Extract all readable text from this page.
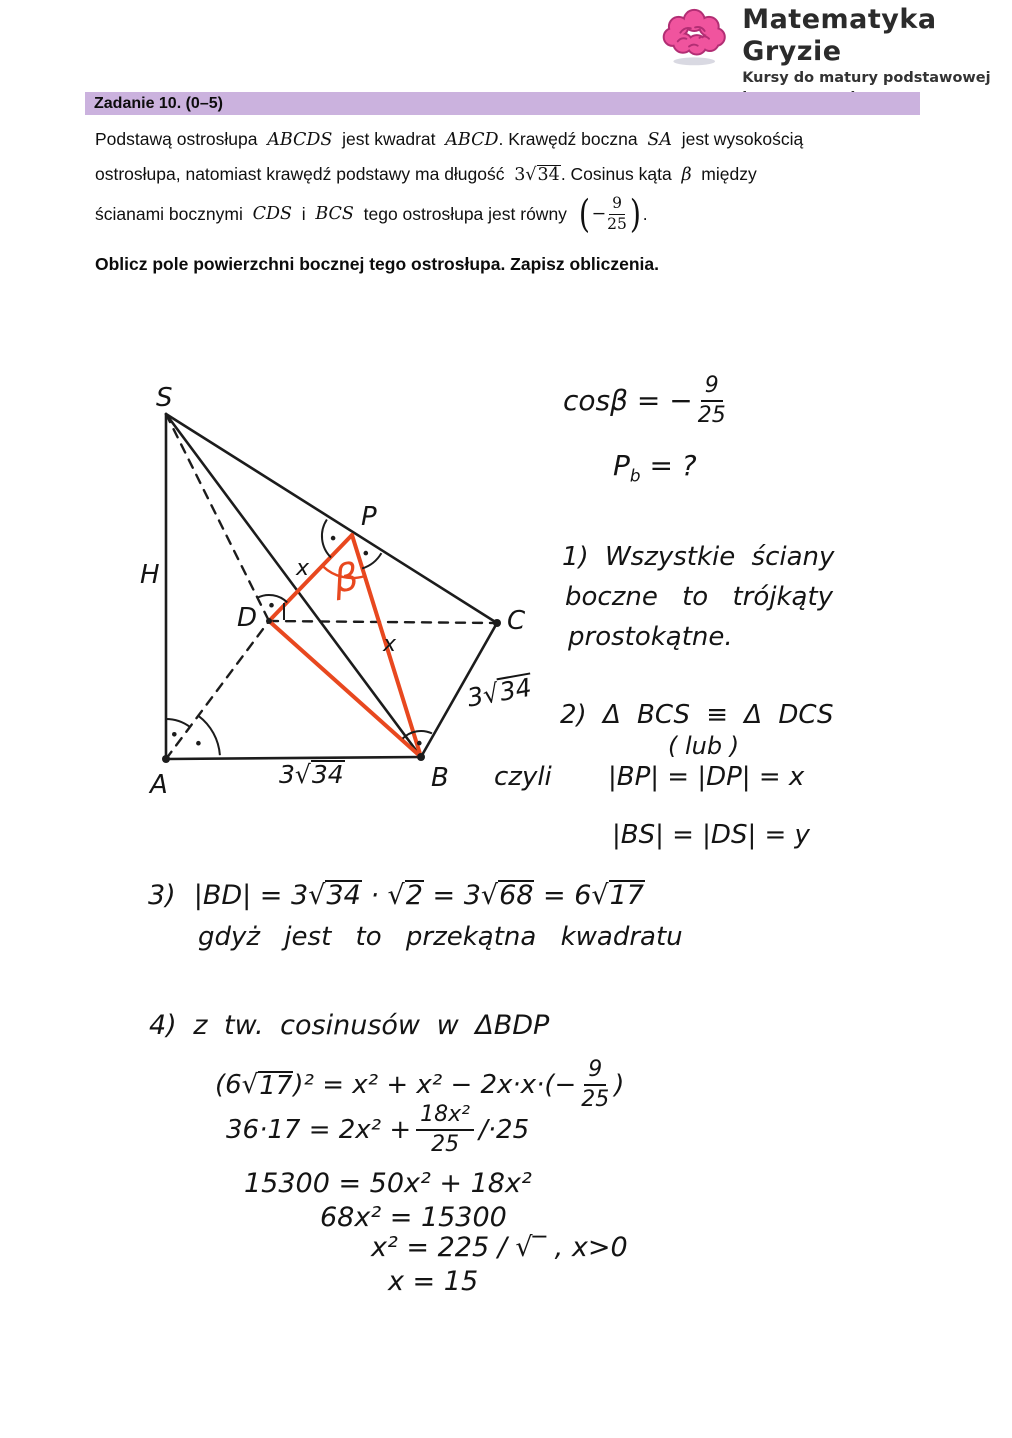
Matematyka Gryzie
Kursy do matury podstawowej
Zadanie 10. (0–5)
Podstawą ostrosłupa  ABCDS  jest kwadrat  ABCD. Krawędź boczna  SA  jest wysokością
ostrosłupa, natomiast krawędź podstawy ma długość  3√34. Cosinus kąta  β  między
ścianami bocznymi CDS i BCS tego ostrosłupa jest równy ( − $\frac{9}{25}$ ) .
Oblicz pole powierzchni bocznej tego ostrosłupa. Zapisz obliczenia.
S
H
A	B
C
D
P
x
x
β
3√34
3√34
cosβ = − $\frac{9}{25}$
$P_b$ = ?
1) Wszystkie ściany
boczne to trójkąty
prostokątne.
2) Δ BCS ≡ Δ DCS
( lub )
czyli |BP| = |DP| = x
|BS| = |DS| = y
3) |BD| = 3√34 · √2 = 3√68 = 6√17
gdyż jest to przekątna kwadratu
4) z tw. cosinusów w ΔBDP
(6√ 17 )$^2 = x^2 + x^2 - 2x\cdot x\cdot(- \frac{9}{25}$ )
$36\cdot 17 = 2x^2 + \frac{\text{18x²}}{25} /\cdot 25$
15300 = 50x² + 18x²
68x² = 15300
x² = 225 / √‾ , x>0
x = 15
